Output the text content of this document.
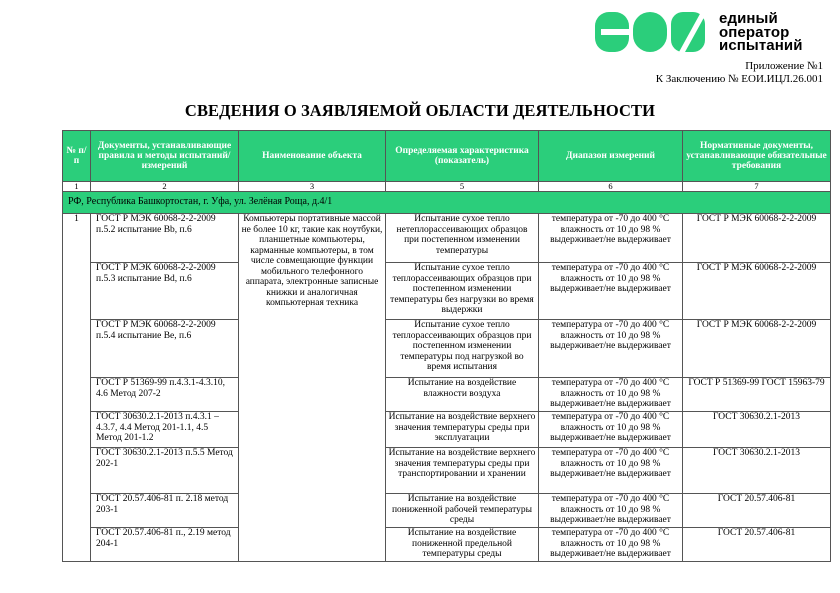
единый
оператор
испытаний
Приложение №1
К Заключению № ЕОИ.ИЦЛ.26.001
СВЕДЕНИЯ О ЗАЯВЛЯЕМОЙ ОБЛАСТИ ДЕЯТЕЛЬНОСТИ
№ п/п	Документы, устанавливающие правила и методы испытаний/измерений	Наименование объекта	Определяемая характеристика (показатель)	Диапазон измерений	Нормативные документы, устанавливающие обязательные требования
1	2	3	5	6	7
РФ, Республика Башкортостан, г. Уфа, ул. Зелёная Роща, д.4/1					
1	ГОСТ Р МЭК 60068-2-2-2009 п.5.2 испытание Bb, п.6	Компьютеры портативные массой не более 10 кг, такие как ноутбуки, планшетные компьютеры, карманные компьютеры, в том числе совмещающие функции мобильного телефонного аппарата, электронные записные книжки и аналогичная компьютерная техника	Испытание сухое тепло нетеплорассеивающих образцов при постепенном изменении температуры	температура от -70 до 400 °C влажность от 10 до 98 % выдерживает/не выдерживает	ГОСТ Р МЭК 60068-2-2-2009
	ГОСТ Р МЭК 60068-2-2-2009 п.5.3 испытание Bd, п.6		Испытание сухое тепло теплорассеивающих образцов при постепенном изменении температуры без нагрузки во время выдержки	температура от -70 до 400 °C влажность от 10 до 98 % выдерживает/не выдерживает	ГОСТ Р МЭК 60068-2-2-2009
	ГОСТ Р МЭК 60068-2-2-2009 п.5.4 испытание Be, п.6		Испытание сухое тепло теплорассеивающих образцов при постепенном изменении температуры под нагрузкой во время испытания	температура от -70 до 400 °C влажность от 10 до 98 % выдерживает/не выдерживает	ГОСТ Р МЭК 60068-2-2-2009
	ГОСТ Р 51369-99 п.4.3.1-4.3.10, 4.6 Метод 207-2		Испытание на воздействие влажности воздуха	температура от -70 до 400 °C влажность от 10 до 98 % выдерживает/не выдерживает	ГОСТ Р 51369-99 ГОСТ 15963-79
	ГОСТ 30630.2.1-2013 п.4.3.1 – 4.3.7, 4.4 Метод 201-1.1, 4.5 Метод 201-1.2		Испытание на воздействие верхнего значения температуры среды при эксплуатации	температура от -70 до 400 °C влажность от 10 до 98 % выдерживает/не выдерживает	ГОСТ 30630.2.1-2013
	ГОСТ 30630.2.1-2013 п.5.5 Метод 202-1		Испытание на воздействие верхнего значения температуры среды при транспортировании и хранении	температура от -70 до 400 °C влажность от 10 до 98 % выдерживает/не выдерживает	ГОСТ 30630.2.1-2013
	ГОСТ 20.57.406-81 п. 2.18 метод 203-1		Испытание на воздействие пониженной рабочей температуры среды	температура от -70 до 400 °C влажность от 10 до 98 % выдерживает/не выдерживает	ГОСТ 20.57.406-81
	ГОСТ 20.57.406-81 п., 2.19 метод 204-1		Испытание на воздействие пониженной предельной температуры среды	температура от -70 до 400 °C влажность от 10 до 98 % выдерживает/не выдерживает	ГОСТ 20.57.406-81
